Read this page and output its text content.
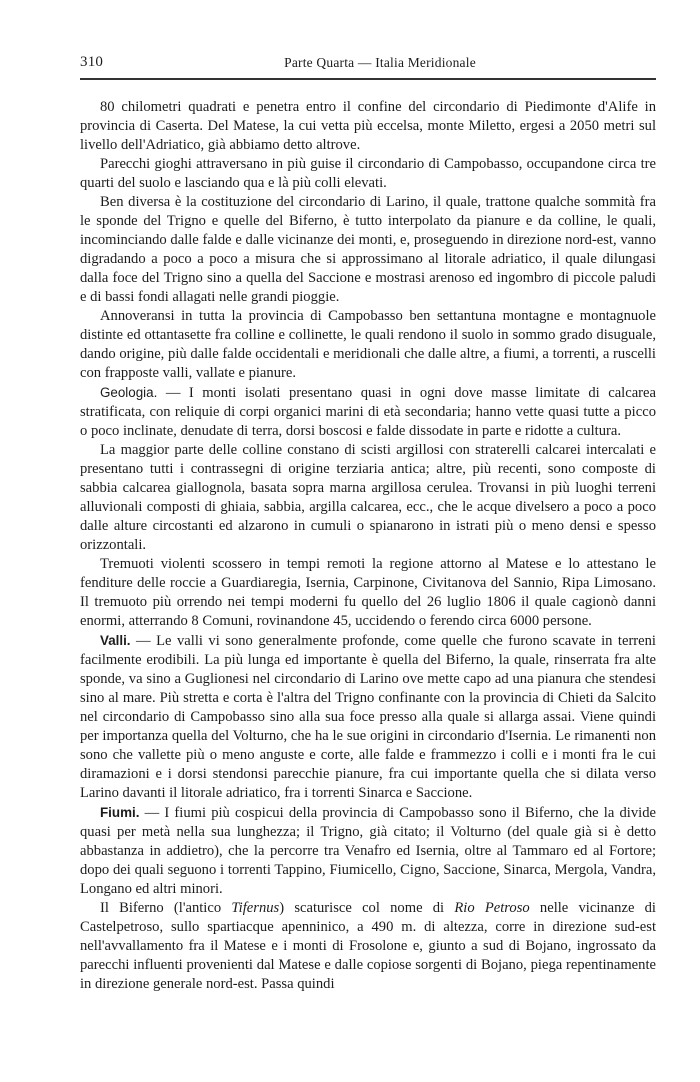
310	Parte Quarta — Italia Meridionale

80 chilometri quadrati e penetra entro il confine del circondario di Piedimonte d'Alife in provincia di Caserta. Del Matese, la cui vetta più eccelsa, monte Miletto, ergesi a 2050 metri sul livello dell'Adriatico, già abbiamo detto altrove.

Parecchi gioghi attraversano in più guise il circondario di Campobasso, occupandone circa tre quarti del suolo e lasciando qua e là più colli elevati.

Ben diversa è la costituzione del circondario di Larino, il quale, trattone qualche sommità fra le sponde del Trigno e quelle del Biferno, è tutto interpolato da pianure e da colline, le quali, incominciando dalle falde e dalle vicinanze dei monti, e, proseguendo in direzione nord-est, vanno digradando a poco a poco a misura che si approssimano al litorale adriatico, il quale dilungasi dalla foce del Trigno sino a quella del Saccione e mostrasi arenoso ed ingombro di piccole paludi e di bassi fondi allagati nelle grandi pioggie.

Annoveransi in tutta la provincia di Campobasso ben settantuna montagne e montagnuole distinte ed ottantasette fra colline e collinette, le quali rendono il suolo in sommo grado disuguale, dando origine, più dalle falde occidentali e meridionali che dalle altre, a fiumi, a torrenti, a ruscelli con frapposte valli, vallate e pianure.

Geologia. — I monti isolati presentano quasi in ogni dove masse limitate di calcarea stratificata, con reliquie di corpi organici marini di età secondaria; hanno vette quasi tutte a picco o poco inclinate, denudate di terra, dorsi boscosi e falde dissodate in parte e ridotte a cultura.

La maggior parte delle colline constano di scisti argillosi con straterelli calcarei intercalati e presentano tutti i contrassegni di origine terziaria antica; altre, più recenti, sono composte di sabbia calcarea giallognola, basata sopra marna argillosa cerulea. Trovansi in più luoghi terreni alluvionali composti di ghiaia, sabbia, argilla calcarea, ecc., che le acque divelsero a poco a poco dalle alture circostanti ed alzarono in cumuli o spianarono in istrati più o meno densi e spesso orizzontali.

Tremuoti violenti scossero in tempi remoti la regione attorno al Matese e lo attestano le fenditure delle roccie a Guardiaregia, Isernia, Carpinone, Civitanova del Sannio, Ripa Limosano. Il tremuoto più orrendo nei tempi moderni fu quello del 26 luglio 1806 il quale cagionò danni enormi, atterrando 8 Comuni, rovinandone 45, uccidendo o ferendo circa 6000 persone.

Valli. — Le valli vi sono generalmente profonde, come quelle che furono scavate in terreni facilmente erodibili. La più lunga ed importante è quella del Biferno, la quale, rinserrata fra alte sponde, va sino a Guglionesi nel circondario di Larino ove mette capo ad una pianura che stendesi sino al mare. Più stretta e corta è l'altra del Trigno confinante con la provincia di Chieti da Salcito nel circondario di Campobasso sino alla sua foce presso alla quale si allarga assai. Viene quindi per importanza quella del Volturno, che ha le sue origini in circondario d'Isernia. Le rimanenti non sono che vallette più o meno anguste e corte, alle falde e frammezzo i colli e i monti fra le cui diramazioni e i dorsi stendonsi parecchie pianure, fra cui importante quella che si dilata verso Larino davanti il litorale adriatico, fra i torrenti Sinarca e Saccione.

Fiumi. — I fiumi più cospicui della provincia di Campobasso sono il Biferno, che la divide quasi per metà nella sua lunghezza; il Trigno, già citato; il Volturno (del quale già si è detto abbastanza in addietro), che la percorre tra Venafro ed Isernia, oltre al Tammaro ed al Fortore; dopo dei quali seguono i torrenti Tappino, Fiumicello, Cigno, Saccione, Sinarca, Mergola, Vandra, Longano ed altri minori.

Il Biferno (l'antico Tifernus) scaturisce col nome di Rio Petroso nelle vicinanze di Castelpetroso, sullo spartiacque apenninico, a 490 m. di altezza, corre in direzione sud-est nell'avvallamento fra il Matese e i monti di Frosolone e, giunto a sud di Bojano, ingrossato da parecchi influenti provenienti dal Matese e dalle copiose sorgenti di Bojano, piega repentinamente in direzione generale nord-est. Passa quindi
